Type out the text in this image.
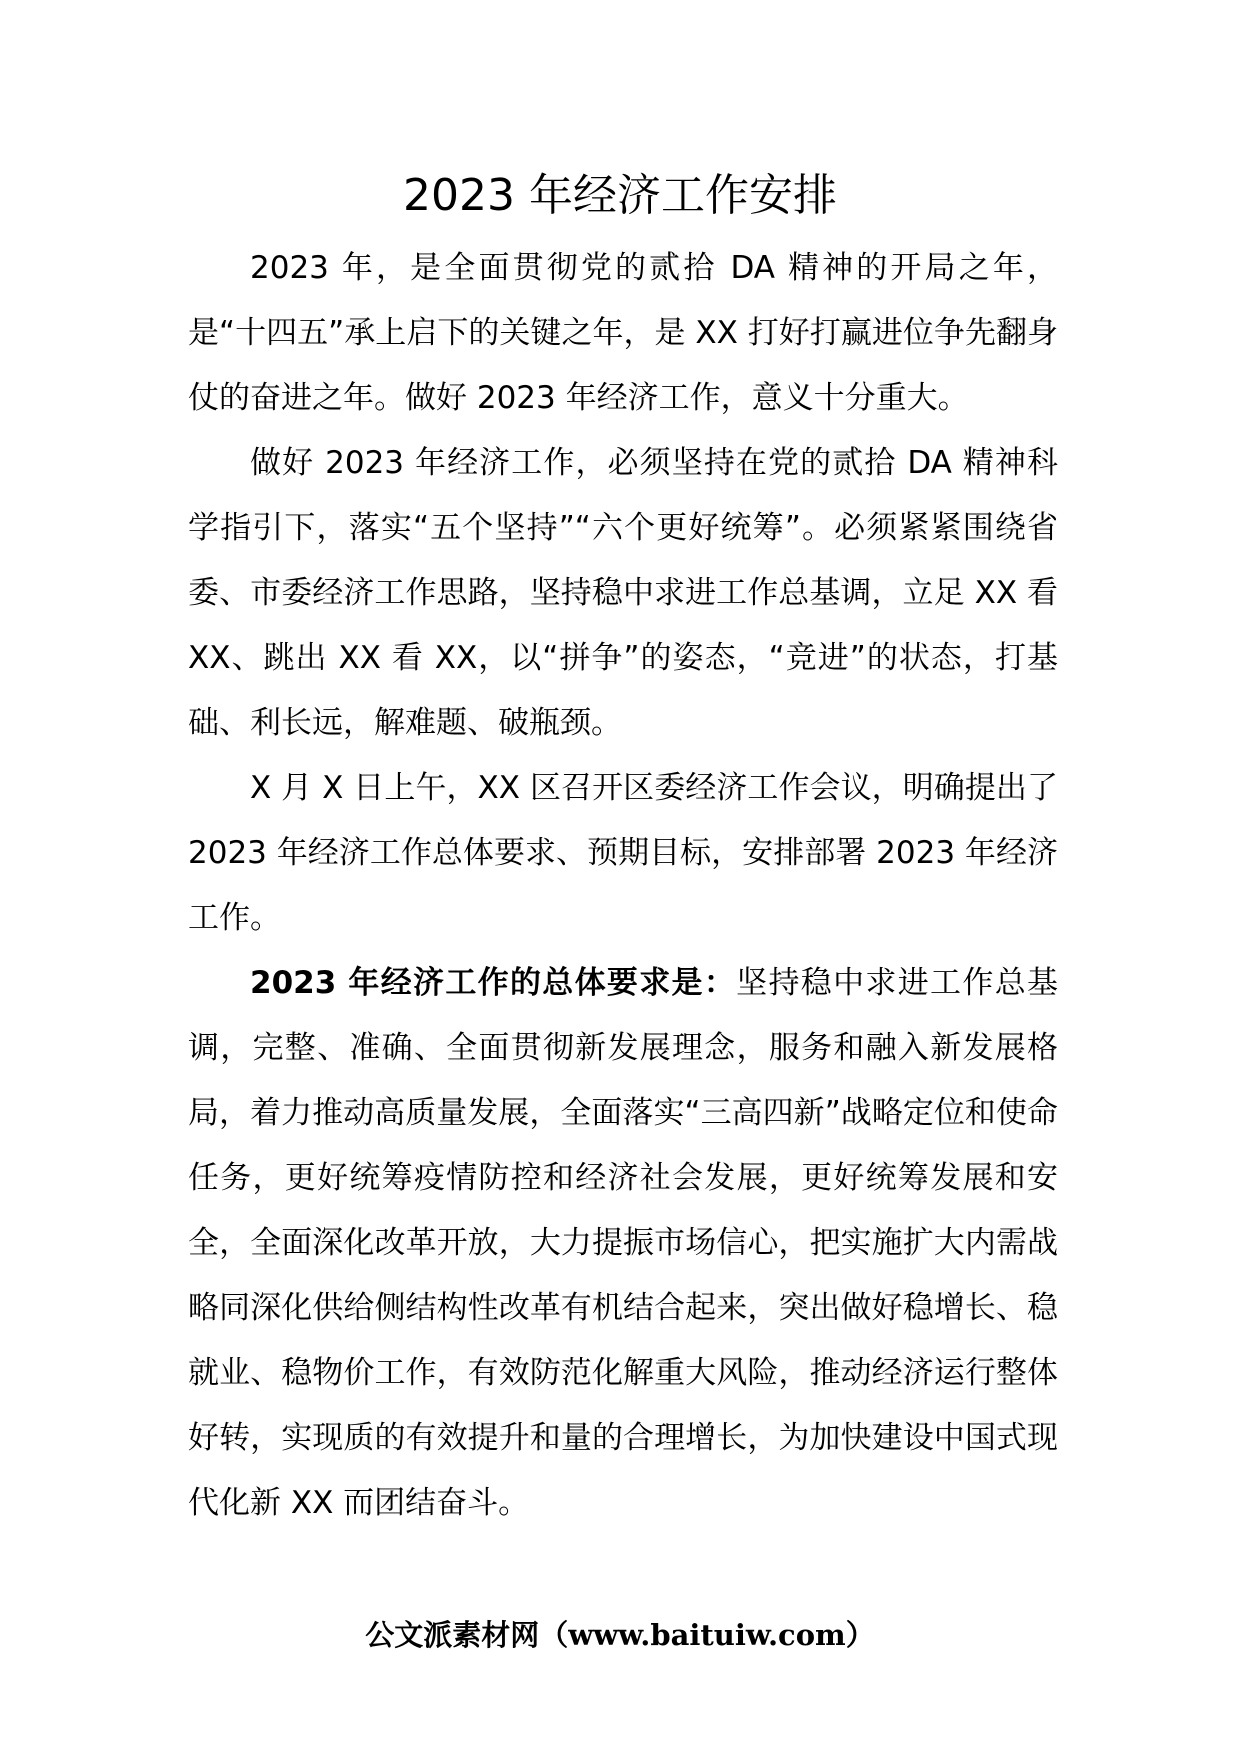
2023 年经济工作安排

2023 年，是全面贯彻党的贰拾 DA 精神的开局之年，是“十四五”承上启下的关键之年，是 XX 打好打赢进位争先翻身仗的奋进之年。做好 2023 年经济工作，意义十分重大。

做好 2023 年经济工作，必须坚持在党的贰拾 DA 精神科学指引下，落实“五个坚持”“六个更好统筹”。必须紧紧围绕省委、市委经济工作思路，坚持稳中求进工作总基调，立足 XX 看 XX、跳出 XX 看 XX，以“拼争”的姿态，“竞进”的状态，打基础、利长远，解难题、破瓶颈。

X 月 X 日上午，XX 区召开区委经济工作会议，明确提出了 2023 年经济工作总体要求、预期目标，安排部署 2023 年经济工作。

2023 年经济工作的总体要求是：坚持稳中求进工作总基调，完整、准确、全面贯彻新发展理念，服务和融入新发展格局，着力推动高质量发展，全面落实“三高四新”战略定位和使命任务，更好统筹疫情防控和经济社会发展，更好统筹发展和安全，全面深化改革开放，大力提振市场信心，把实施扩大内需战略同深化供给侧结构性改革有机结合起来，突出做好稳增长、稳就业、稳物价工作，有效防范化解重大风险，推动经济运行整体好转，实现质的有效提升和量的合理增长，为加快建设中国式现代化新 XX 而团结奋斗。

公文派素材网（www.baituiw.com）
